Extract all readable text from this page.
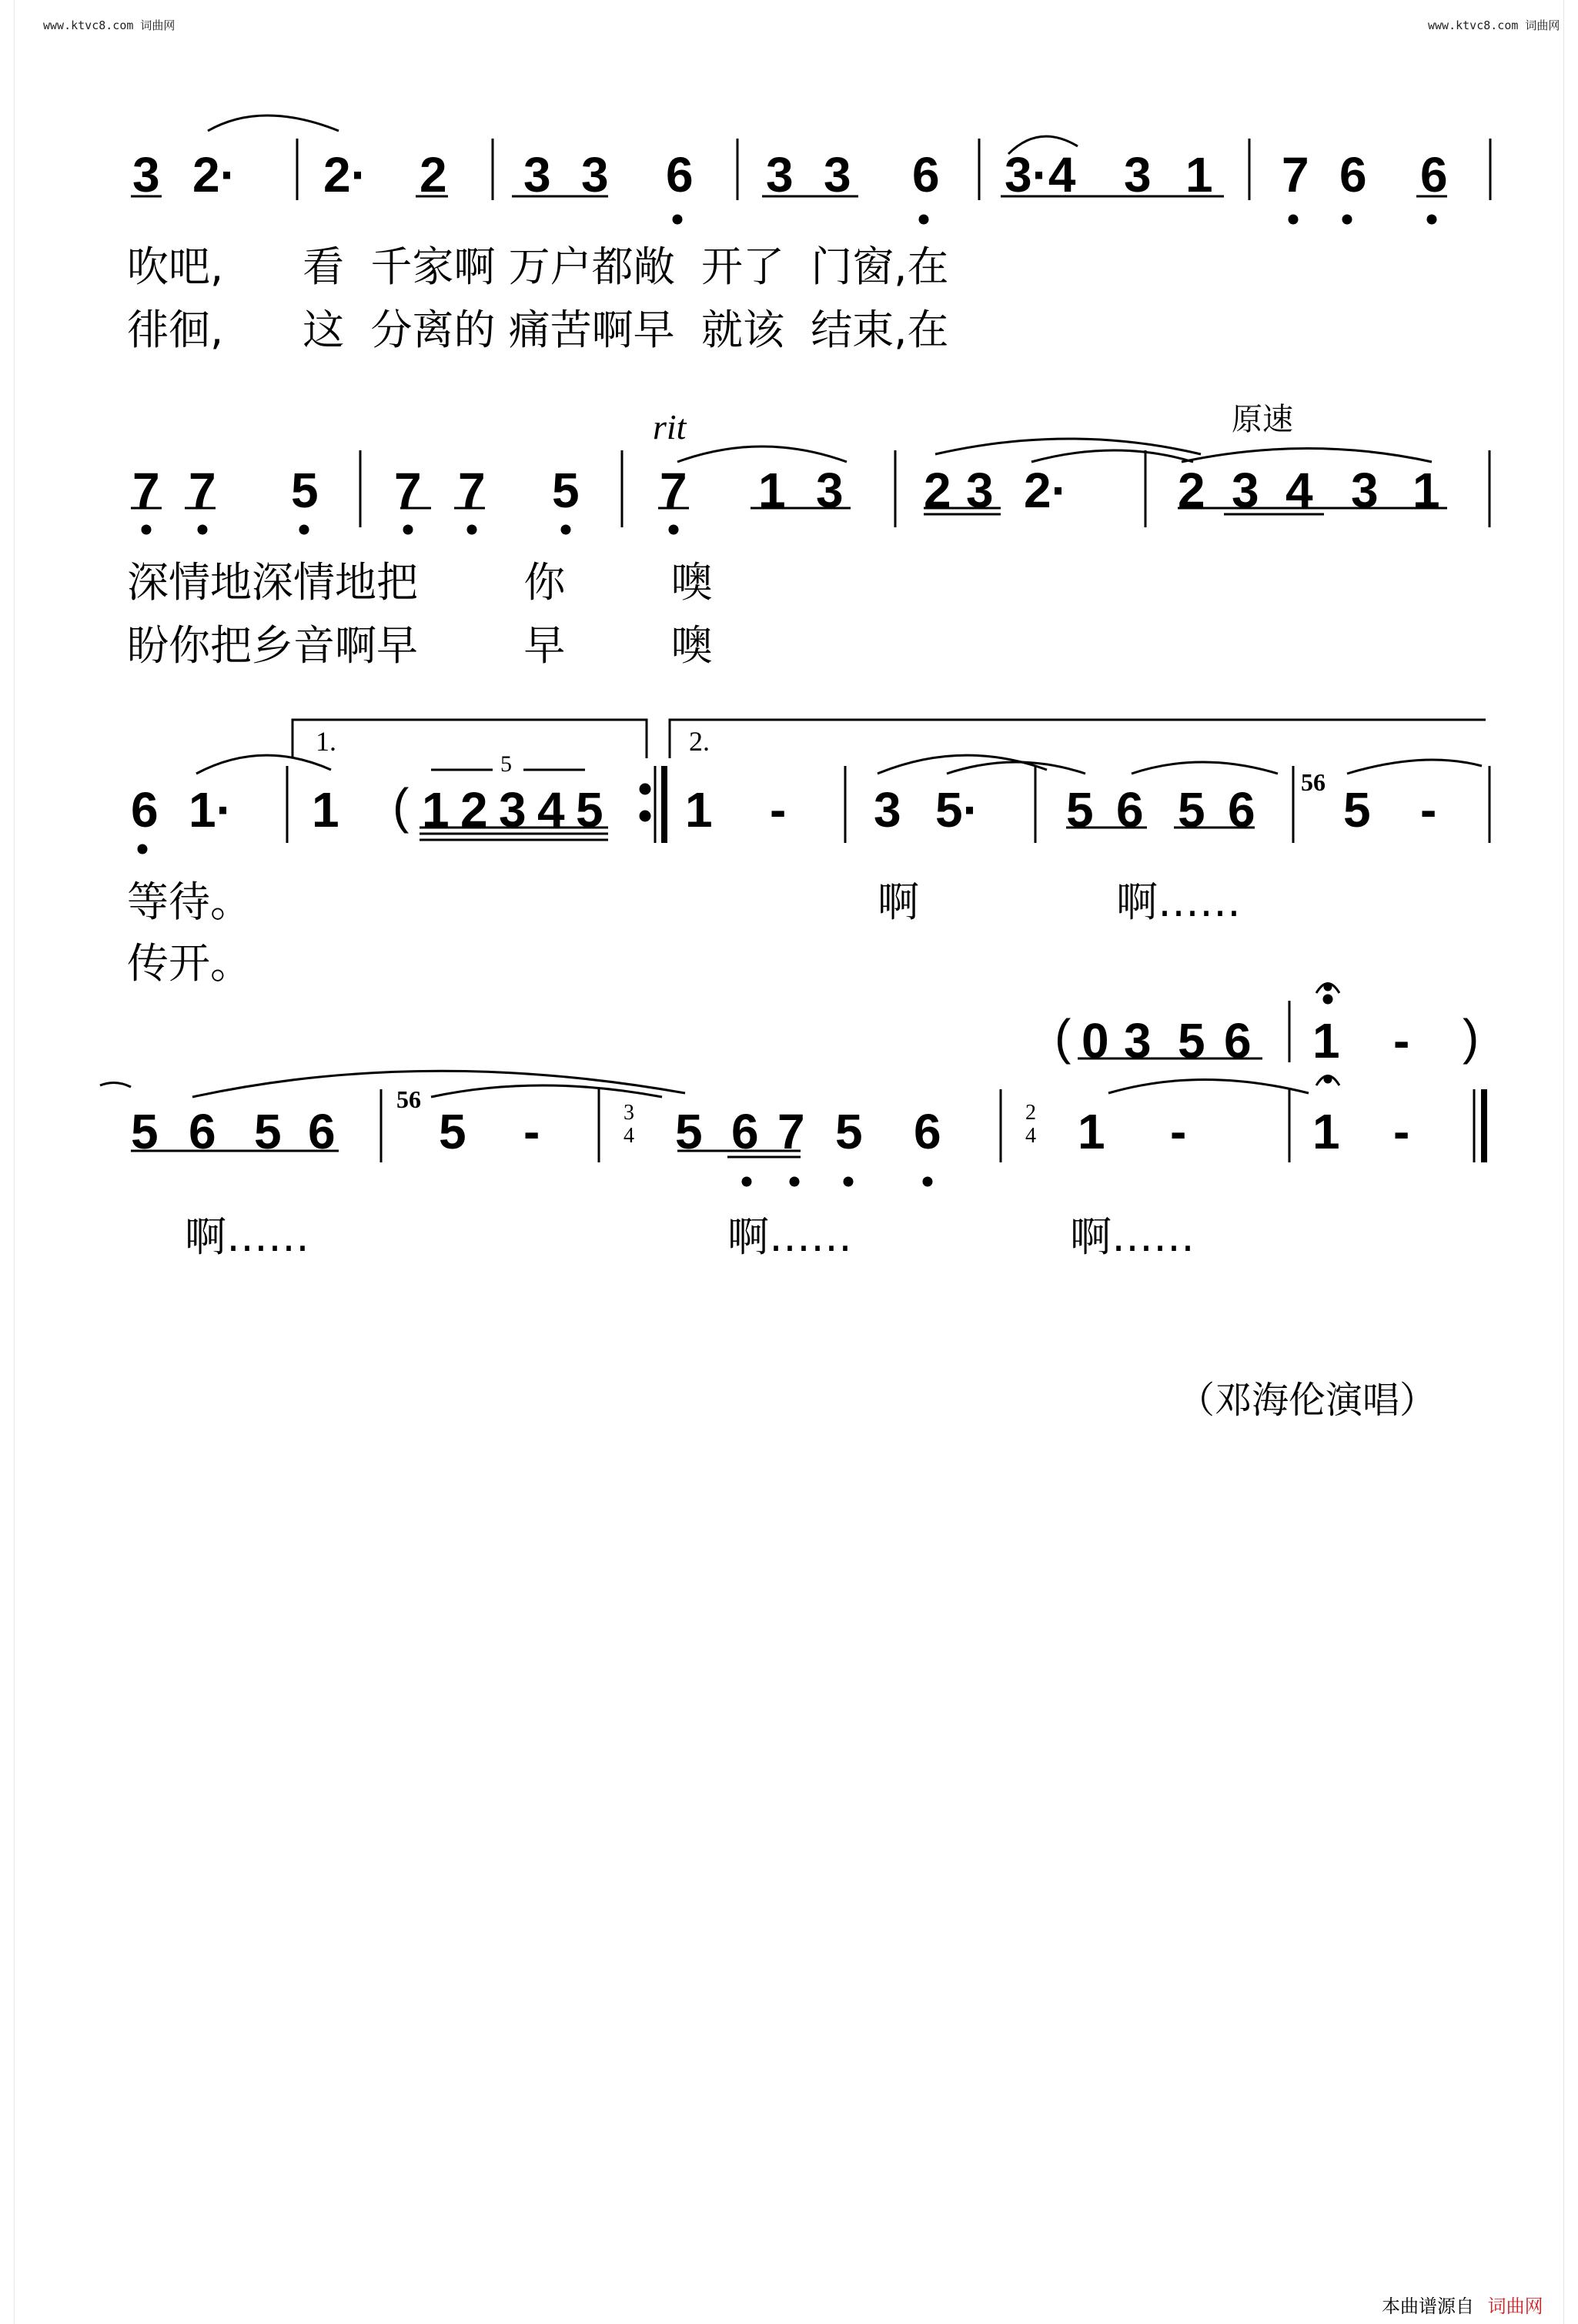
www.ktvc8.com 词曲网	www.ktvc8.com 词曲网
3 2· 2· 2 3 3 6 3 3 6 3·4 3 1 7 6 6
吹吧,      看  千家啊 万户都敞  开了  门窗,在
徘徊,      这  分离的 痛苦啊早  就该  结束,在
rit	原速
7 7 5 7 7 5 7 1 3 2 3 2· 2 3 4 3 1
深情地深情地把        你        噢
盼你把乡音啊早        早        噢
1.	2.
5
56
6 1· 1 ( 1 2 3 4 5 1 - 3 5· 5 6 5 6 5 -
等待。
传开。
啊	啊……
( 0 3 5 6 1 - )
56	3
4
2
4
5 6 5 6 5 -	5 6 7 5 6	1 -	1 -
啊……	啊……	啊……
（邓海伦演唱）
本曲谱源自 词曲网
